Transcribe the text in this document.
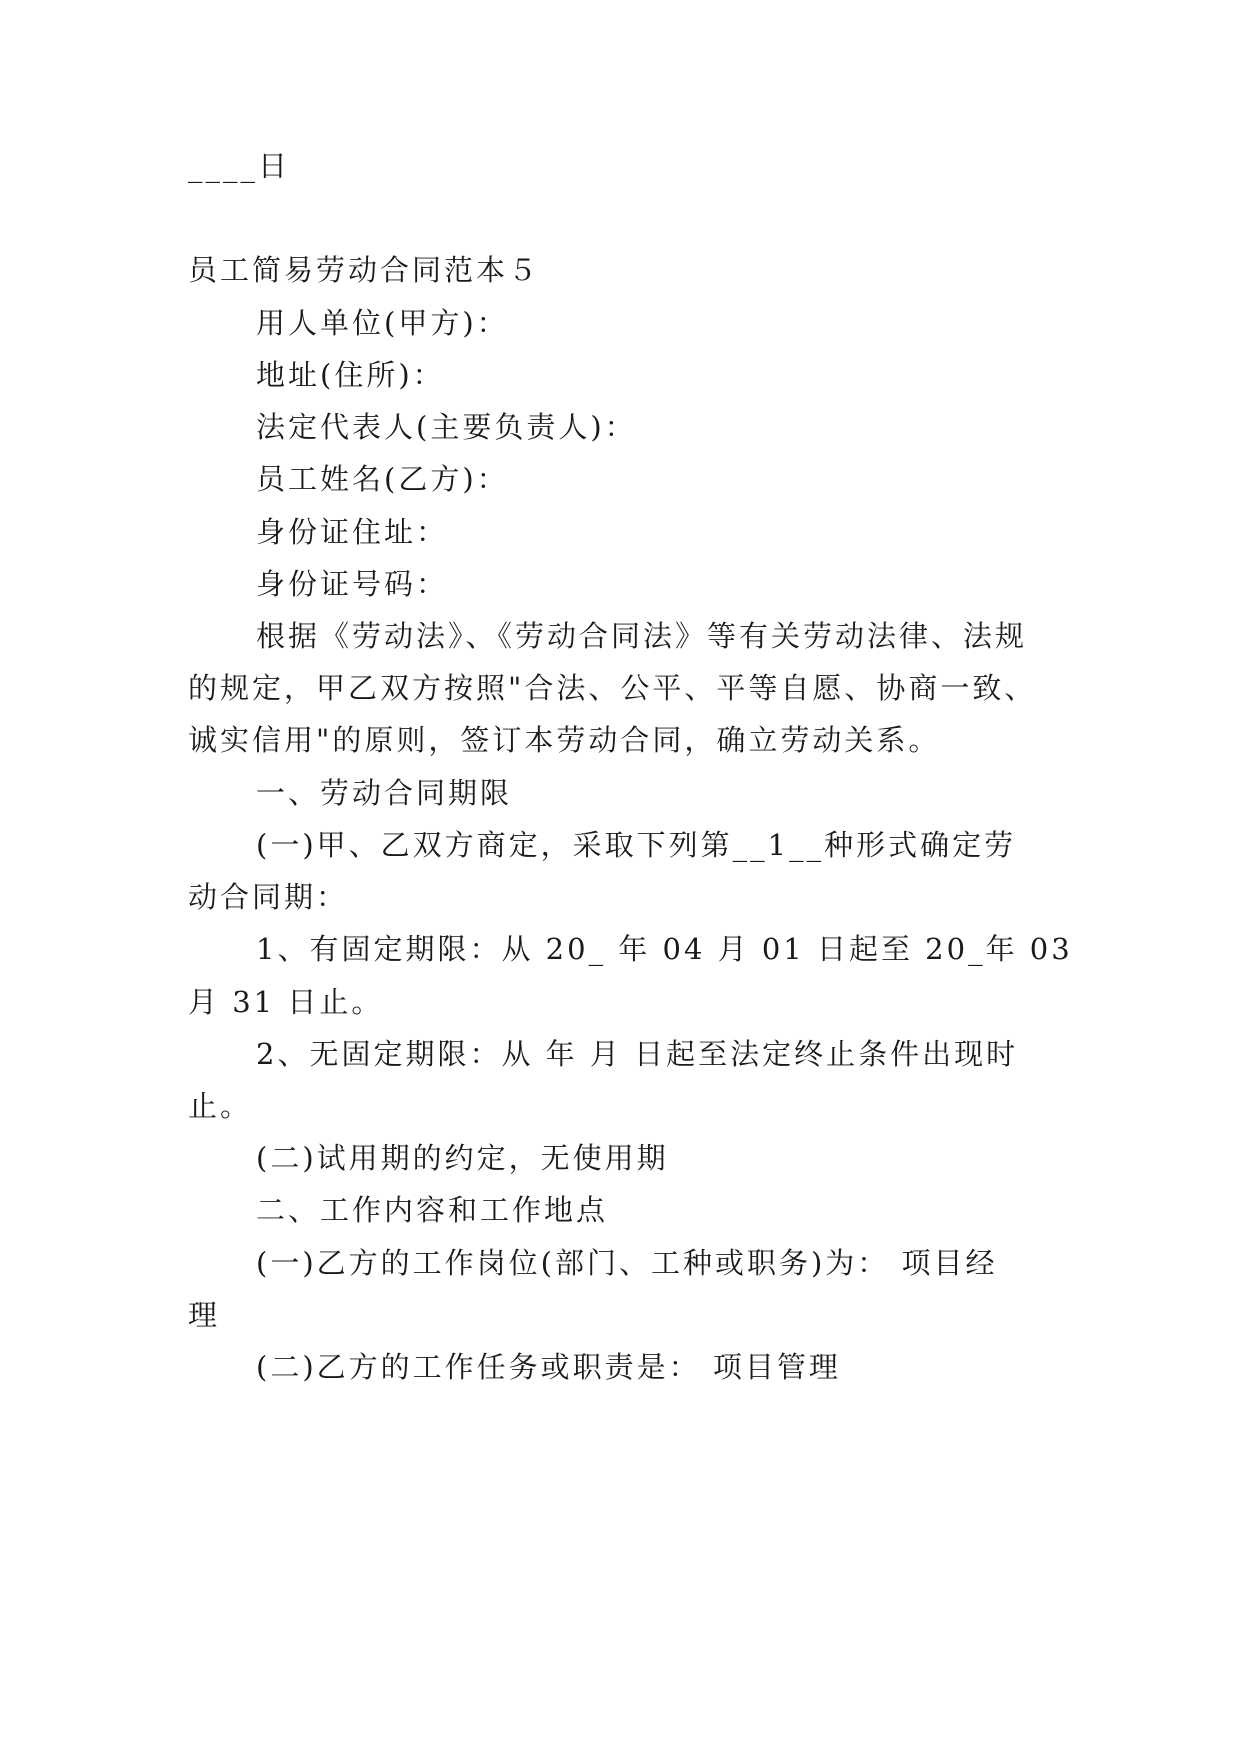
____日
员工简易劳动合同范本５
用人单位(甲方)：
地址(住所)：
法定代表人(主要负责人)：
员工姓名(乙方)：
身份证住址：
身份证号码：
根据《劳动法》、《劳动合同法》等有关劳动法律、法规
的规定，甲乙双方按照"合法、公平、平等自愿、协商一致、
诚实信用"的原则，签订本劳动合同，确立劳动关系。
一、劳动合同期限
(一)甲、乙双方商定，采取下列第__1__种形式确定劳
动合同期：
1、有固定期限：从 20_ 年 04 月 01 日起至 20_年 03
月 31 日止。
2、无固定期限：从 年 月 日起至法定终止条件出现时
止。
(二)试用期的约定，无使用期
二、工作内容和工作地点
(一)乙方的工作岗位(部门、工种或职务)为： 项目经
理
(二)乙方的工作任务或职责是： 项目管理
